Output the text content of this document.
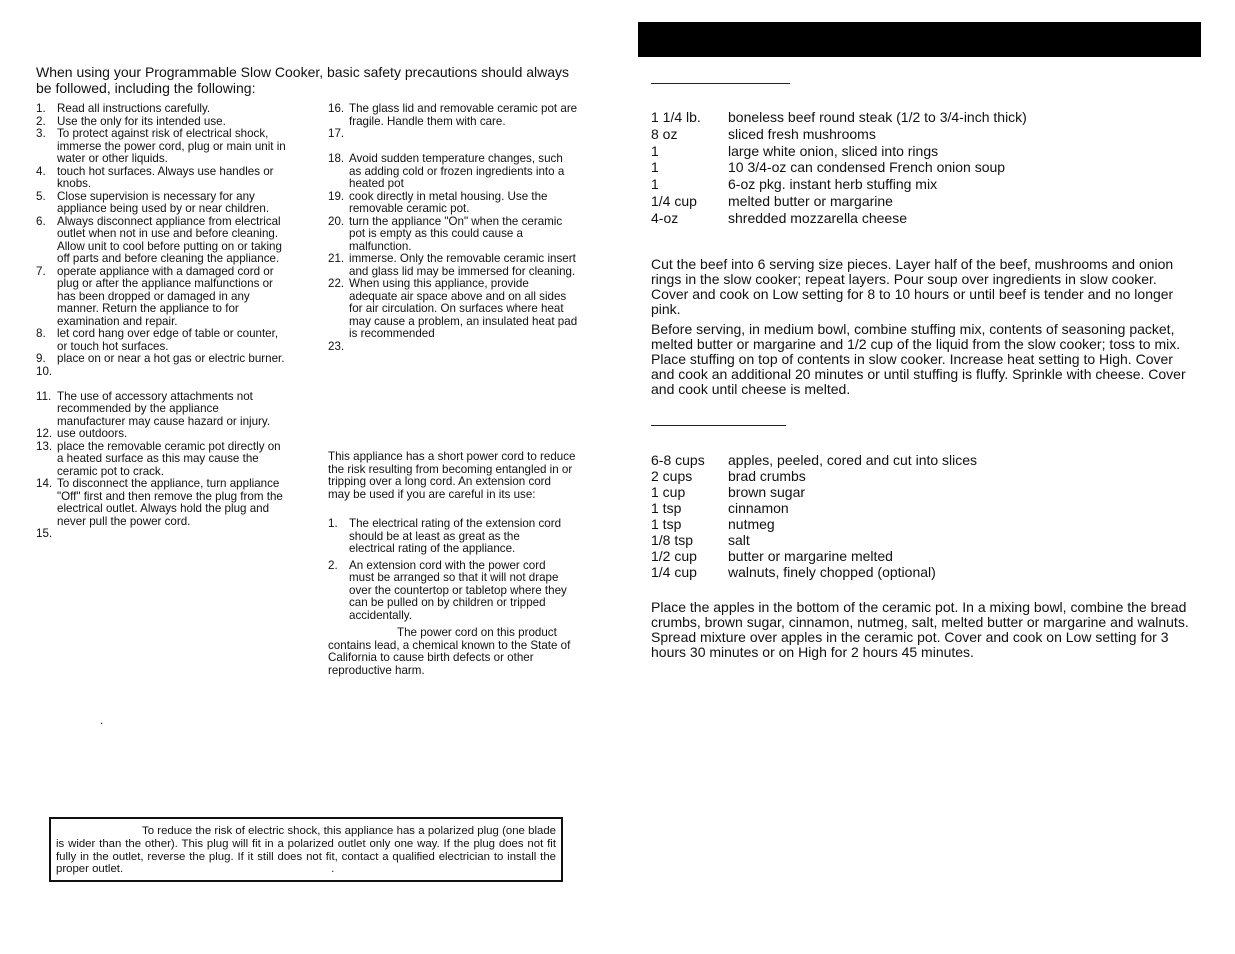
When using your Programmable Slow Cooker, basic safety precautions should always be followed, including the following:
1. Read all instructions carefully.
2. Use the only for its intended use.
3. To protect against risk of electrical shock, immerse the power cord, plug or main unit in water or other liquids.
4. touch hot surfaces. Always use handles or knobs.
5. Close supervision is necessary for any appliance being used by or near children.
6. Always disconnect appliance from electrical outlet when not in use and before cleaning. Allow unit to cool before putting on or taking off parts and before cleaning the appliance.
7. operate appliance with a damaged cord or plug or after the appliance malfunctions or has been dropped or damaged in any manner. Return the appliance to for examination and repair.
8. let cord hang over edge of table or counter, or touch hot surfaces.
9. place on or near a hot gas or electric burner.
10.
11. The use of accessory attachments not recommended by the appliance manufacturer may cause hazard or injury.
12. use outdoors.
13. place the removable ceramic pot directly on a heated surface as this may cause the ceramic pot to crack.
14. To disconnect the appliance, turn appliance "Off" first and then remove the plug from the electrical outlet. Always hold the plug and never pull the power cord.
15.
16. The glass lid and removable ceramic pot are fragile. Handle them with care.
17.
18. Avoid sudden temperature changes, such as adding cold or frozen ingredients into a heated pot
19. cook directly in metal housing. Use the removable ceramic pot.
20. turn the appliance "On" when the ceramic pot is empty as this could cause a malfunction.
21. immerse. Only the removable ceramic insert and glass lid may be immersed for cleaning.
22. When using this appliance, provide adequate air space above and on all sides for air circulation. On surfaces where heat may cause a problem, an insulated heat pad is recommended
23.
This appliance has a short power cord to reduce the risk resulting from becoming entangled in or tripping over a long cord. An extension cord may be used if you are careful in its use:
1. The electrical rating of the extension cord should be at least as great as the electrical rating of the appliance.
2. An extension cord with the power cord must be arranged so that it will not drape over the countertop or tabletop where they can be pulled on by children or tripped accidentally.
The power cord on this product contains lead, a chemical known to the State of California to cause birth defects or other reproductive harm.
.
To reduce the risk of electric shock, this appliance has a polarized plug (one blade is wider than the other). This plug will fit in a polarized outlet only one way. If the plug does not fit fully in the outlet, reverse the plug. If it still does not fit, contact a qualified electrician to install the proper outlet.	.
1 1/4 lb.	boneless beef round steak (1/2 to 3/4-inch thick)
8 oz	sliced fresh mushrooms
1	large white onion, sliced into rings
1	10 3/4-oz can condensed French onion soup
1	6-oz pkg. instant herb stuffing mix
1/4 cup	melted butter or margarine
4-oz	shredded mozzarella cheese
Cut the beef into 6 serving size pieces. Layer half of the beef, mushrooms and onion rings in the slow cooker; repeat layers. Pour soup over ingredients in slow cooker. Cover and cook on Low setting for 8 to 10 hours or until beef is tender and no longer pink.
Before serving, in medium bowl, combine stuffing mix, contents of seasoning packet, melted butter or margarine and 1/2 cup of the liquid from the slow cooker; toss to mix. Place stuffing on top of contents in slow cooker. Increase heat setting to High. Cover and cook an additional 20 minutes or until stuffing is fluffy. Sprinkle with cheese. Cover and cook until cheese is melted.
6-8 cups	apples, peeled, cored and cut into slices
2 cups	brad crumbs
1 cup	brown sugar
1 tsp	cinnamon
1 tsp	nutmeg
1/8 tsp	salt
1/2 cup	butter or margarine melted
1/4 cup	walnuts, finely chopped (optional)
Place the apples in the bottom of the ceramic pot. In a mixing bowl, combine the bread crumbs, brown sugar, cinnamon, nutmeg, salt, melted butter or margarine and walnuts. Spread mixture over apples in the ceramic pot. Cover and cook on Low setting for 3 hours 30 minutes or on High for 2 hours 45 minutes.
